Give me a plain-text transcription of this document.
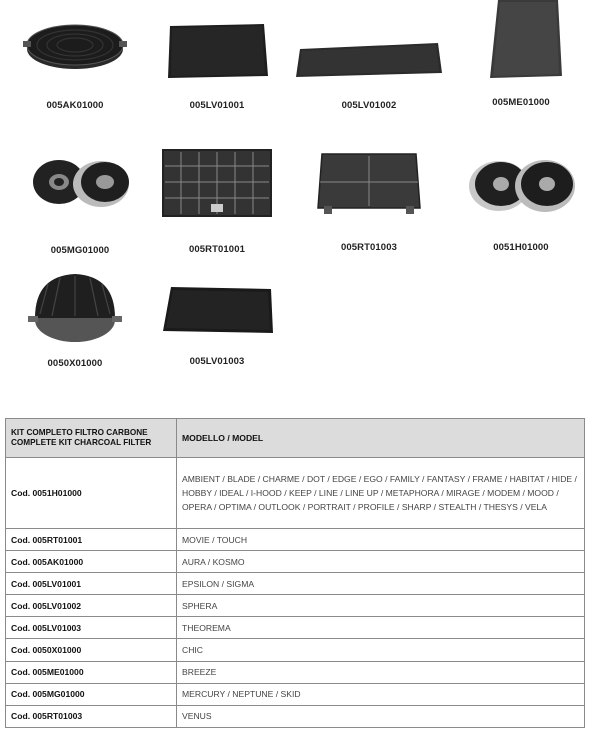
005AK01000	005LV01001	005LV01002	005ME01000
005MG01000	005RT01001	005RT01003	0051H01000
0050X01000	005LV01003
KIT COMPLETO FILTRO CARBONE
COMPLETE KIT CHARCOAL FILTER	MODELLO / MODEL
Cod. 0051H01000	AMBIENT / BLADE / CHARME / DOT / EDGE / EGO / FAMILY / FANTASY / FRAME / HABITAT / HIDE / HOBBY / IDEAL / I-HOOD / KEEP / LINE / LINE UP / METAPHORA / MIRAGE / MODEM / MOOD / OPERA / OPTIMA / OUTLOOK / PORTRAIT / PROFILE / SHARP / STEALTH / THESYS / VELA
Cod. 005RT01001	MOVIE / TOUCH
Cod. 005AK01000	AURA / KOSMO
Cod. 005LV01001	EPSILON / SIGMA
Cod. 005LV01002	SPHERA
Cod. 005LV01003	THEOREMA
Cod. 0050X01000	CHIC
Cod. 005ME01000	BREEZE
Cod. 005MG01000	MERCURY / NEPTUNE / SKID
Cod. 005RT01003	VENUS
